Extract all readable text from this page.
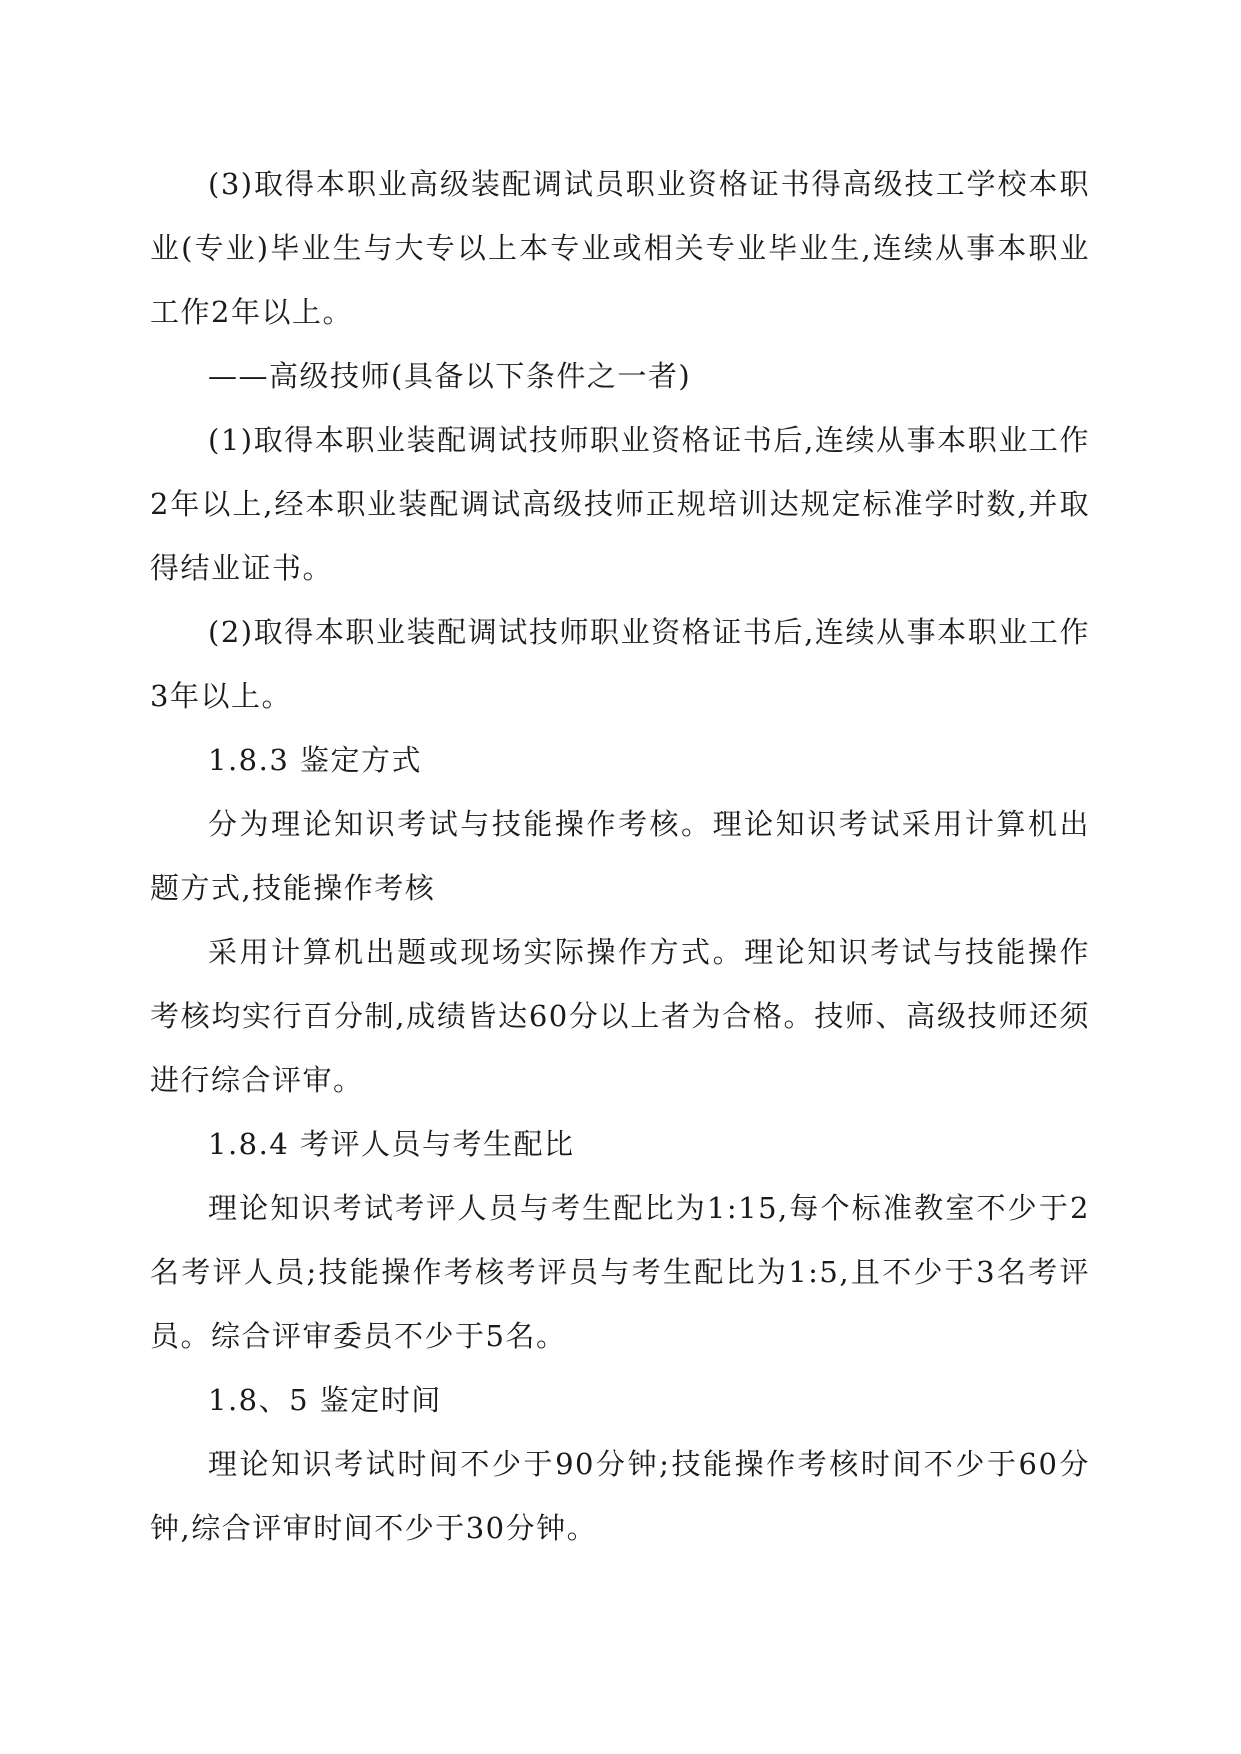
(3)取得本职业高级装配调试员职业资格证书得高级技工学校本职业(专业)毕业生与大专以上本专业或相关专业毕业生,连续从事本职业工作2年以上。

——高级技师(具备以下条件之一者)

(1)取得本职业装配调试技师职业资格证书后,连续从事本职业工作2年以上,经本职业装配调试高级技师正规培训达规定标准学时数,并取得结业证书。

(2)取得本职业装配调试技师职业资格证书后,连续从事本职业工作3年以上。

1.8.3 鉴定方式

分为理论知识考试与技能操作考核。理论知识考试采用计算机出题方式,技能操作考核

采用计算机出题或现场实际操作方式。理论知识考试与技能操作考核均实行百分制,成绩皆达60分以上者为合格。技师、高级技师还须进行综合评审。

1.8.4 考评人员与考生配比

理论知识考试考评人员与考生配比为1:15,每个标准教室不少于2名考评人员;技能操作考核考评员与考生配比为1:5,且不少于3名考评员。综合评审委员不少于5名。

1.8、5 鉴定时间

理论知识考试时间不少于90分钟;技能操作考核时间不少于60分钟,综合评审时间不少于30分钟。
